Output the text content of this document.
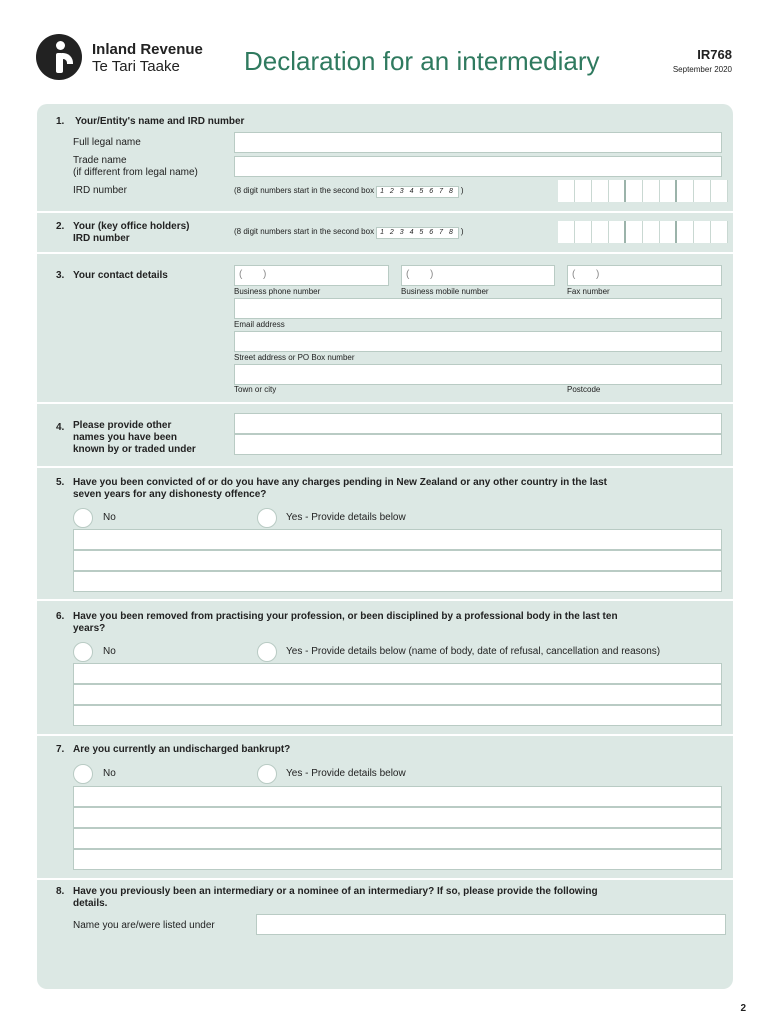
Inland Revenue
Te Tari Taake	Declaration for an intermediary	IR768
September 2020
1. Your/Entity's name and IRD number
Full legal name
Trade name
(if different from legal name)
IRD number	(8 digit numbers start in the second box 1 2 3 4 5 6 7 8 )
2. Your (key office holders)
IRD number
(8 digit numbers start in the second box 1 2 3 4 5 6 7 8 )
3. Your contact details	( )	( )	( )
Business phone number	Business mobile number	Fax number
Email address
Street address or PO Box number
Town or city	Postcode
4. Please provide other
names you have been
known by or traded under
5. Have you been convicted of or do you have any charges pending in New Zealand or any other country in the last
seven years for any dishonesty offence?
No	Yes - Provide details below
6. Have you been removed from practising your profession, or been disciplined by a professional body in the last ten
years?
No	Yes - Provide details below (name of body, date of refusal, cancellation and reasons)
7. Are you currently an undischarged bankrupt?
No	Yes - Provide details below
8. Have you previously been an intermediary or a nominee of an intermediary? If so, please provide the following
details.
Name you are/were listed under
2
